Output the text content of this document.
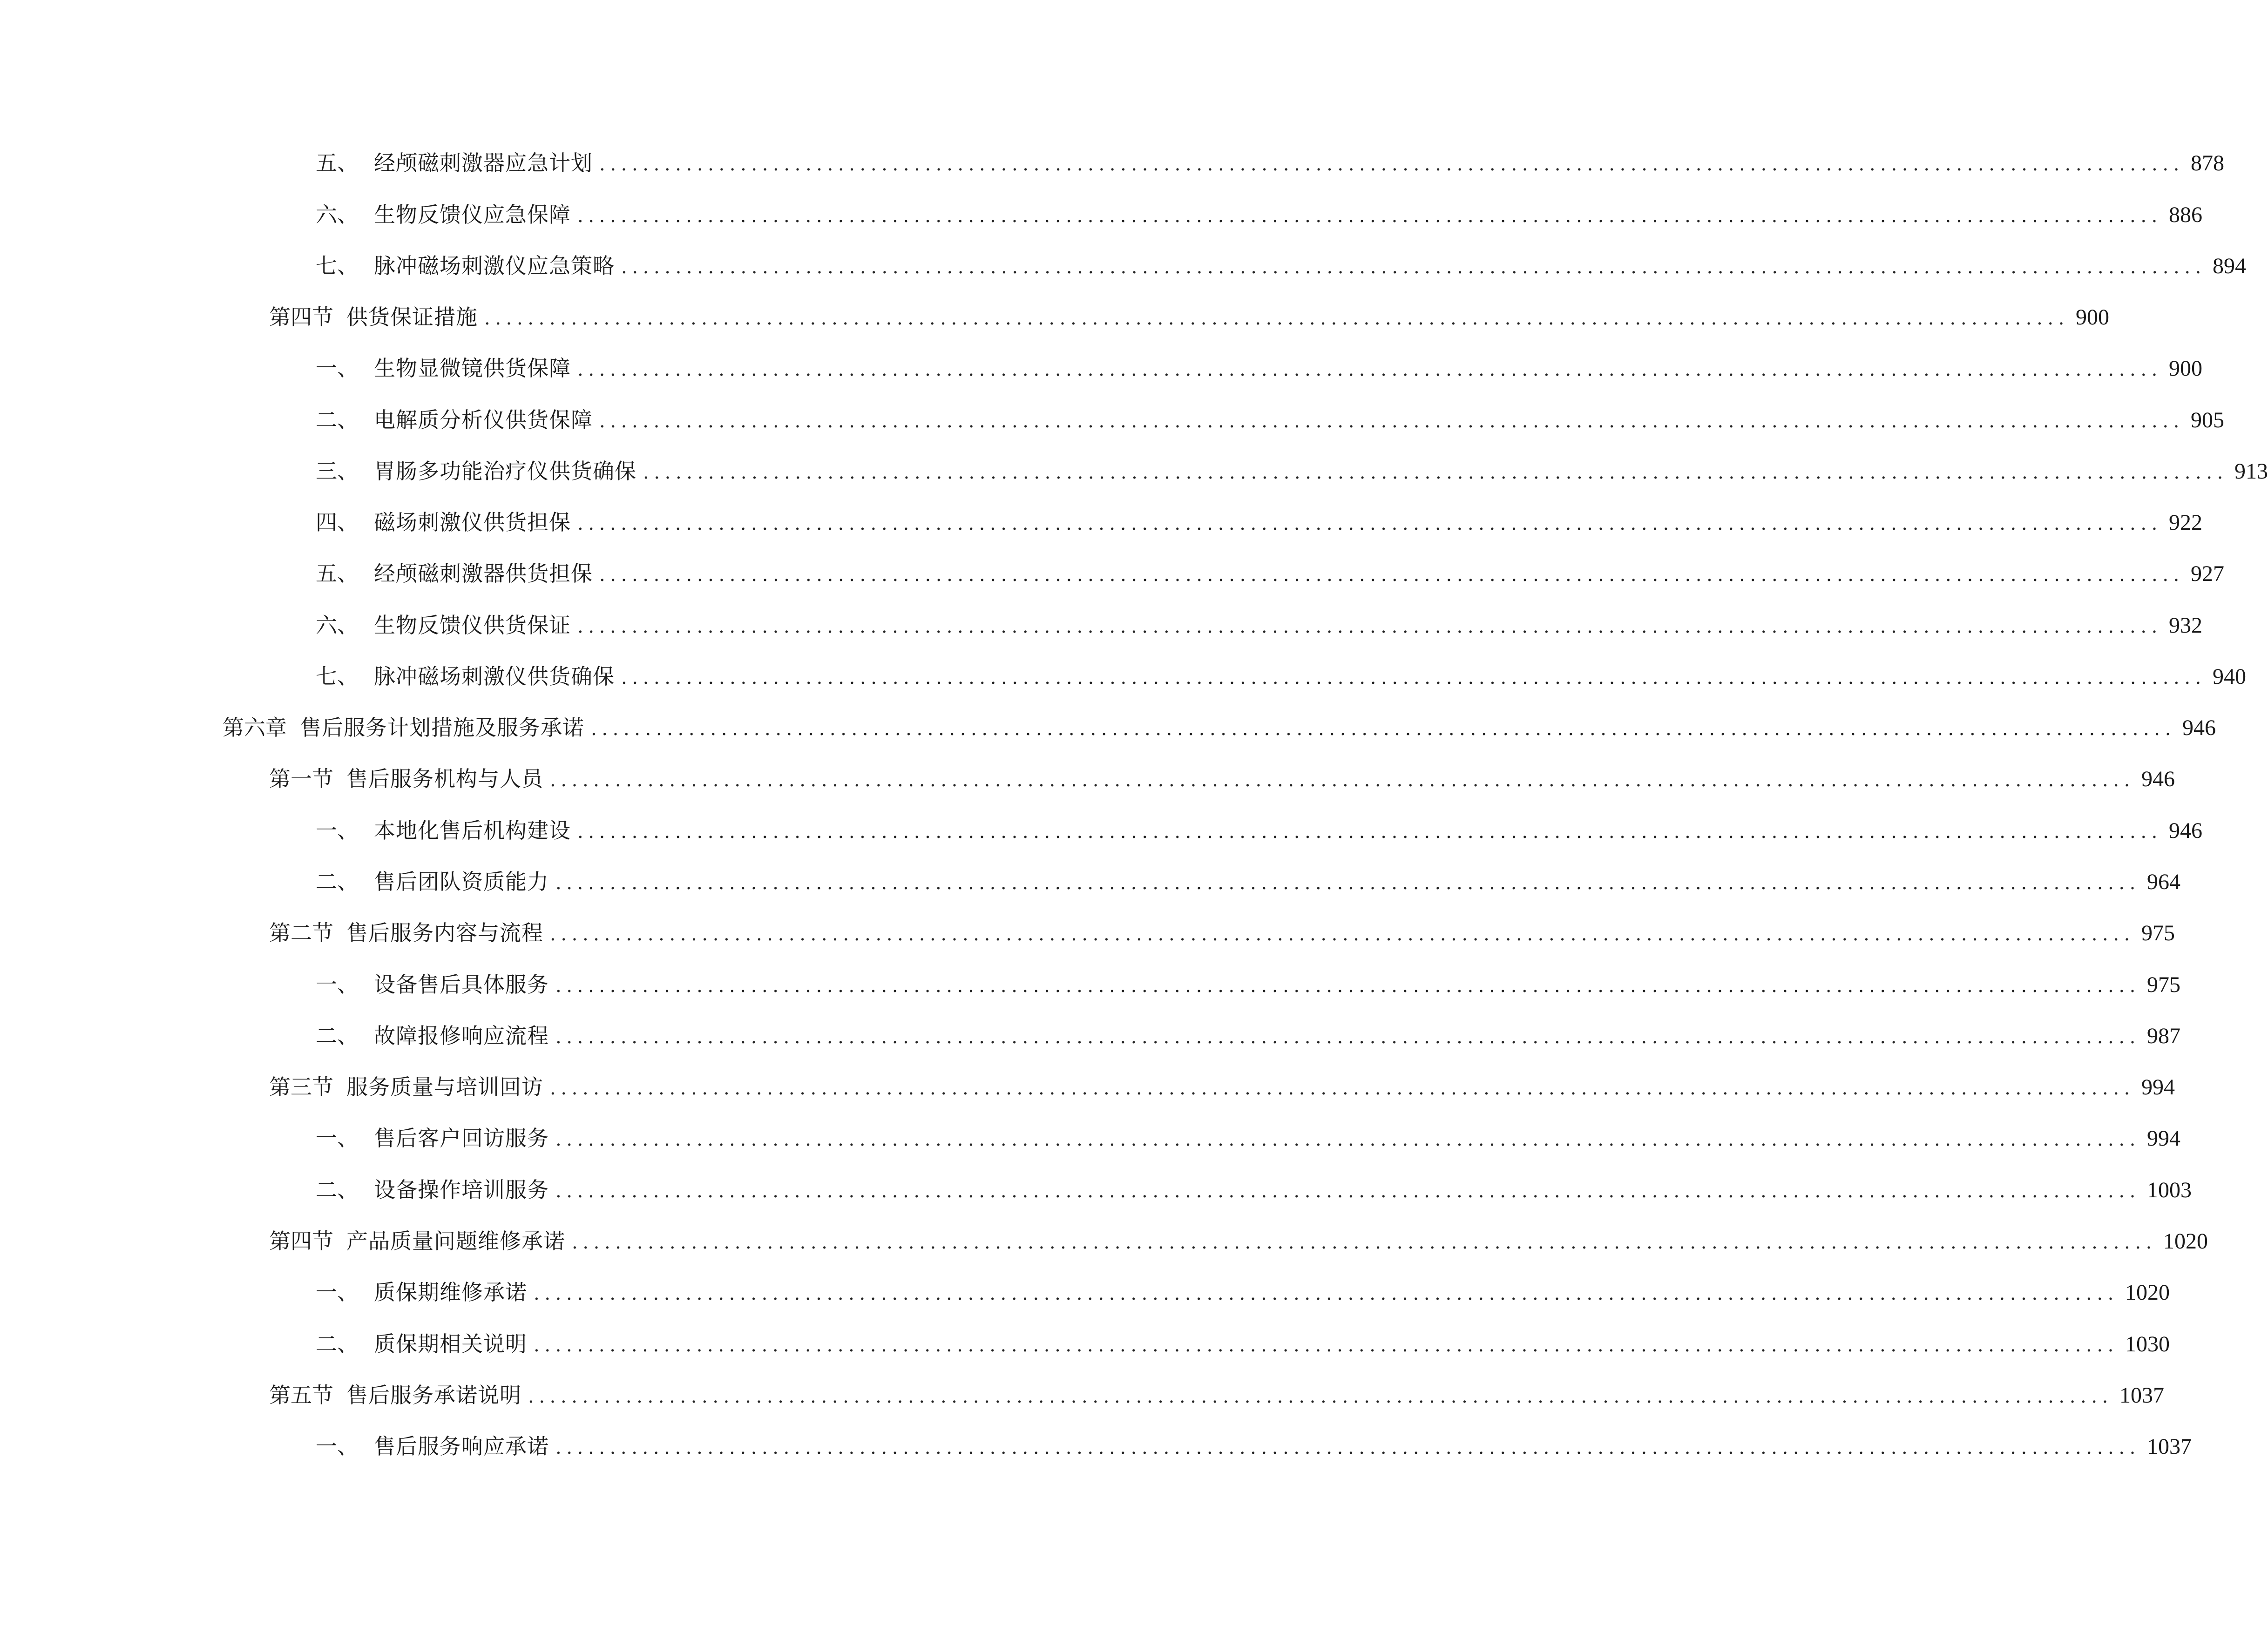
五、 经颅磁刺激器应急计划 .................................................................................................................................................. 878
六、 生物反馈仪应急保障 .................................................................................................................................................. 886
七、 脉冲磁场刺激仪应急策略 .................................................................................................................................................. 894
第四节 供货保证措施 .................................................................................................................................................. 900
一、 生物显微镜供货保障 .................................................................................................................................................. 900
二、 电解质分析仪供货保障 .................................................................................................................................................. 905
三、 胃肠多功能治疗仪供货确保 .................................................................................................................................................. 913
四、 磁场刺激仪供货担保 .................................................................................................................................................. 922
五、 经颅磁刺激器供货担保 .................................................................................................................................................. 927
六、 生物反馈仪供货保证 .................................................................................................................................................. 932
七、 脉冲磁场刺激仪供货确保 .................................................................................................................................................. 940
第六章 售后服务计划措施及服务承诺 .................................................................................................................................................. 946
第一节 售后服务机构与人员 .................................................................................................................................................. 946
一、 本地化售后机构建设 .................................................................................................................................................. 946
二、 售后团队资质能力 .................................................................................................................................................. 964
第二节 售后服务内容与流程 .................................................................................................................................................. 975
一、 设备售后具体服务 .................................................................................................................................................. 975
二、 故障报修响应流程 .................................................................................................................................................. 987
第三节 服务质量与培训回访 .................................................................................................................................................. 994
一、 售后客户回访服务 .................................................................................................................................................. 994
二、 设备操作培训服务 .................................................................................................................................................. 1003
第四节 产品质量问题维修承诺 .................................................................................................................................................. 1020
一、 质保期维修承诺 .................................................................................................................................................. 1020
二、 质保期相关说明 .................................................................................................................................................. 1030
第五节 售后服务承诺说明 .................................................................................................................................................. 1037
一、 售后服务响应承诺 .................................................................................................................................................. 1037
